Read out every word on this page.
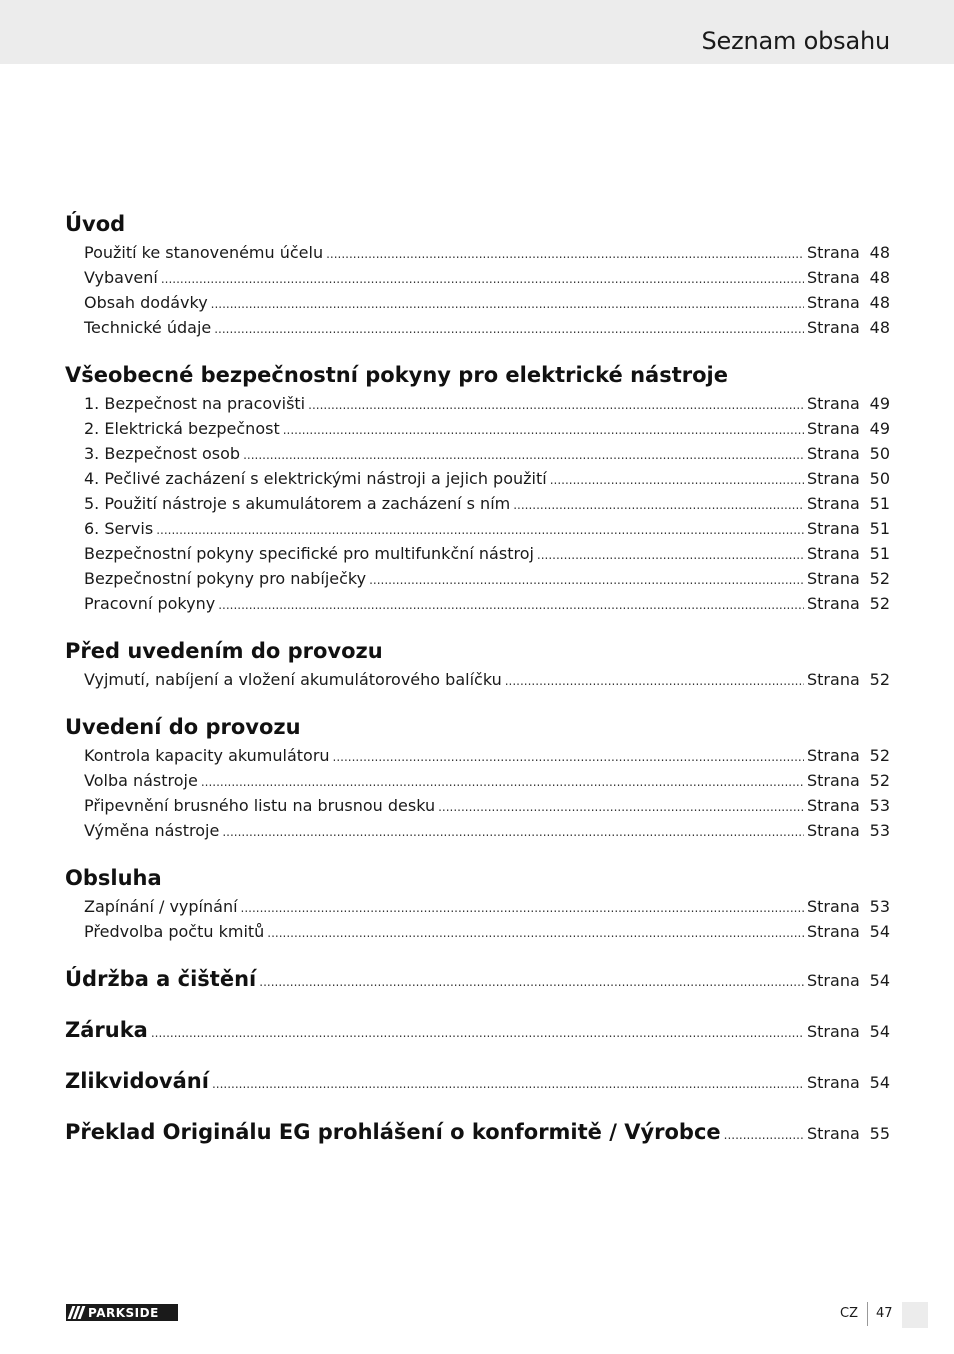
Seznam obsahu
Úvod
Použití ke stanovenému účelu .....	Strana 48
Vybavení .....	Strana 48
Obsah dodávky .....	Strana 48
Technické údaje .....	Strana 48
Všeobecné bezpečnostní pokyny pro elektrické nástroje
1. Bezpečnost na pracovišti .....	Strana 49
2. Elektrická bezpečnost .....	Strana 49
3. Bezpečnost osob .....	Strana 50
4. Pečlivé zacházení s elektrickými nástroji a jejich použití .....	Strana 50
5. Použití nástroje s akumulátorem a zacházení s ním .....	Strana 51
6. Servis .....	Strana 51
Bezpečnostní pokyny specifické pro multifunkční nástroj .....	Strana 51
Bezpečnostní pokyny pro nabíječky .....	Strana 52
Pracovní pokyny .....	Strana 52
Před uvedením do provozu
Vyjmutí, nabíjení a vložení akumulátorového balíčku .....	Strana 52
Uvedení do provozu
Kontrola kapacity akumulátoru .....	Strana 52
Volba nástroje .....	Strana 52
Připevnění brusného listu na brusnou desku .....	Strana 53
Výměna nástroje .....	Strana 53
Obsluha
Zapínání / vypínání .....	Strana 53
Předvolba počtu kmitů .....	Strana 54
Údržba a čištění .....	Strana 54
Záruka .....	Strana 54
Zlikvidování .....	Strana 54
Překlad Originálu EG prohlášení o konformitě / Výrobce .....	Strana 55
PARKSIDE	CZ 47
